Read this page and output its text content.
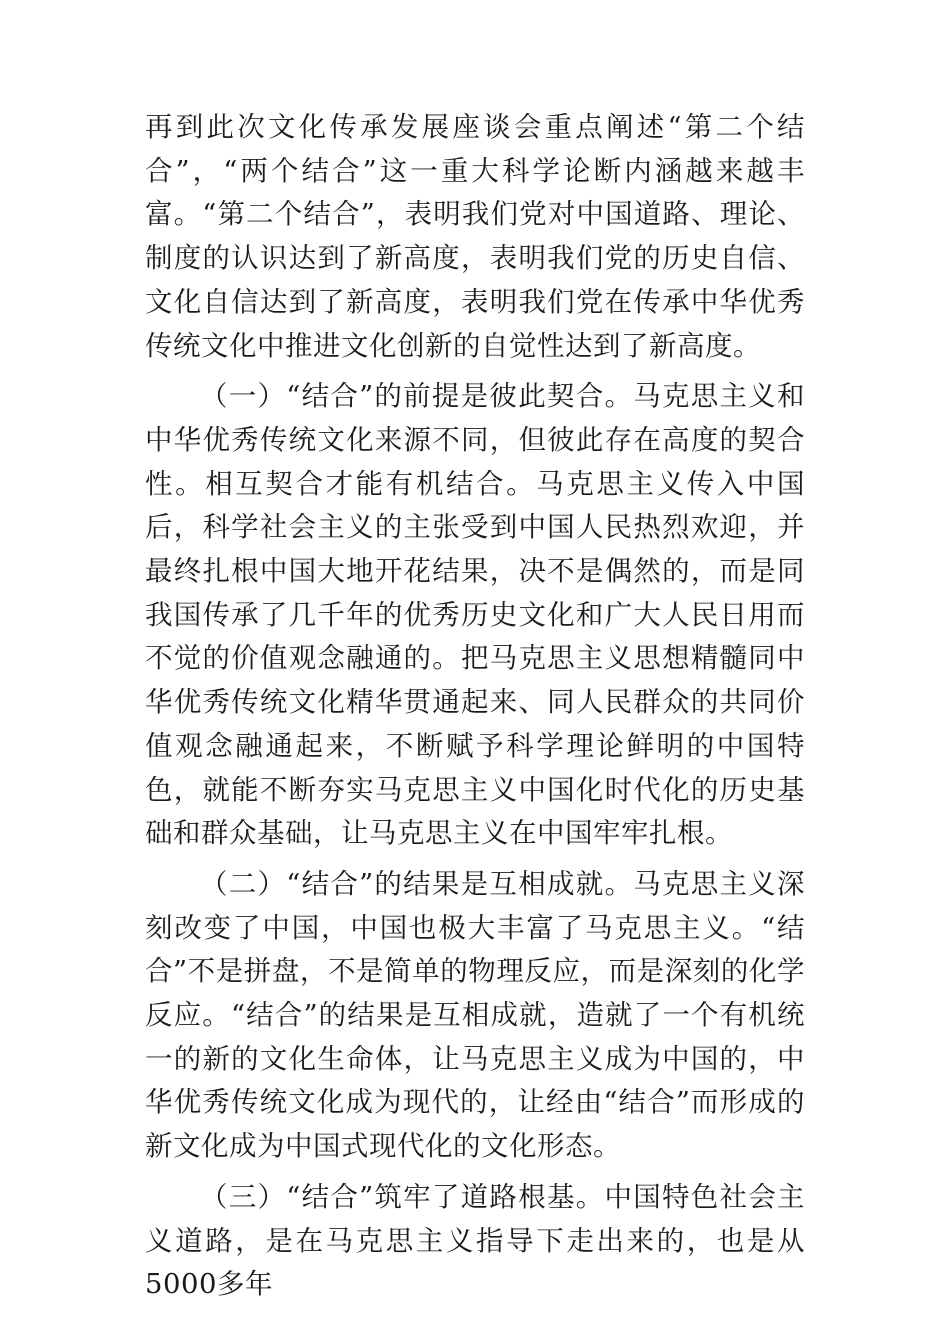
再到此次文化传承发展座谈会重点阐述“第二个结合”，“两个结合”这一重大科学论断内涵越来越丰富。“第二个结合”，表明我们党对中国道路、理论、制度的认识达到了新高度，表明我们党的历史自信、文化自信达到了新高度，表明我们党在传承中华优秀传统文化中推进文化创新的自觉性达到了新高度。

（一）“结合”的前提是彼此契合。马克思主义和中华优秀传统文化来源不同，但彼此存在高度的契合性。相互契合才能有机结合。马克思主义传入中国后，科学社会主义的主张受到中国人民热烈欢迎，并最终扎根中国大地开花结果，决不是偶然的，而是同我国传承了几千年的优秀历史文化和广大人民日用而不觉的价值观念融通的。把马克思主义思想精髓同中华优秀传统文化精华贯通起来、同人民群众的共同价值观念融通起来，不断赋予科学理论鲜明的中国特色，就能不断夯实马克思主义中国化时代化的历史基础和群众基础，让马克思主义在中国牢牢扎根。

（二）“结合”的结果是互相成就。马克思主义深刻改变了中国，中国也极大丰富了马克思主义。“结合”不是拼盘，不是简单的物理反应，而是深刻的化学反应。“结合”的结果是互相成就，造就了一个有机统一的新的文化生命体，让马克思主义成为中国的，中华优秀传统文化成为现代的，让经由“结合”而形成的新文化成为中国式现代化的文化形态。

（三）“结合”筑牢了道路根基。中国特色社会主义道路，是在马克思主义指导下走出来的，也是从5000多年
